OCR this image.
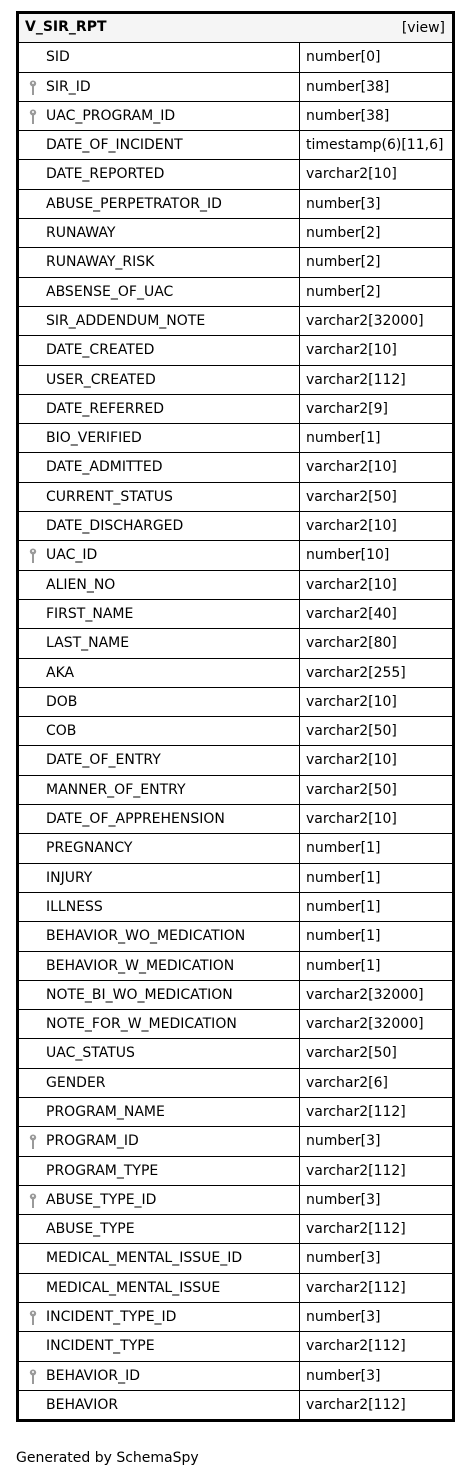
V_SIR_RPT	[view]
SID	number[0]
SIR_ID	number[38]
UAC_PROGRAM_ID	number[38]
DATE_OF_INCIDENT	timestamp(6)[11,6]
DATE_REPORTED	varchar2[10]
ABUSE_PERPETRATOR_ID	number[3]
RUNAWAY	number[2]
RUNAWAY_RISK	number[2]
ABSENSE_OF_UAC	number[2]
SIR_ADDENDUM_NOTE	varchar2[32000]
DATE_CREATED	varchar2[10]
USER_CREATED	varchar2[112]
DATE_REFERRED	varchar2[9]
BIO_VERIFIED	number[1]
DATE_ADMITTED	varchar2[10]
CURRENT_STATUS	varchar2[50]
DATE_DISCHARGED	varchar2[10]
UAC_ID	number[10]
ALIEN_NO	varchar2[10]
FIRST_NAME	varchar2[40]
LAST_NAME	varchar2[80]
AKA	varchar2[255]
DOB	varchar2[10]
COB	varchar2[50]
DATE_OF_ENTRY	varchar2[10]
MANNER_OF_ENTRY	varchar2[50]
DATE_OF_APPREHENSION	varchar2[10]
PREGNANCY	number[1]
INJURY	number[1]
ILLNESS	number[1]
BEHAVIOR_WO_MEDICATION	number[1]
BEHAVIOR_W_MEDICATION	number[1]
NOTE_BI_WO_MEDICATION	varchar2[32000]
NOTE_FOR_W_MEDICATION	varchar2[32000]
UAC_STATUS	varchar2[50]
GENDER	varchar2[6]
PROGRAM_NAME	varchar2[112]
PROGRAM_ID	number[3]
PROGRAM_TYPE	varchar2[112]
ABUSE_TYPE_ID	number[3]
ABUSE_TYPE	varchar2[112]
MEDICAL_MENTAL_ISSUE_ID	number[3]
MEDICAL_MENTAL_ISSUE	varchar2[112]
INCIDENT_TYPE_ID	number[3]
INCIDENT_TYPE	varchar2[112]
BEHAVIOR_ID	number[3]
BEHAVIOR	varchar2[112]
Generated by SchemaSpy
